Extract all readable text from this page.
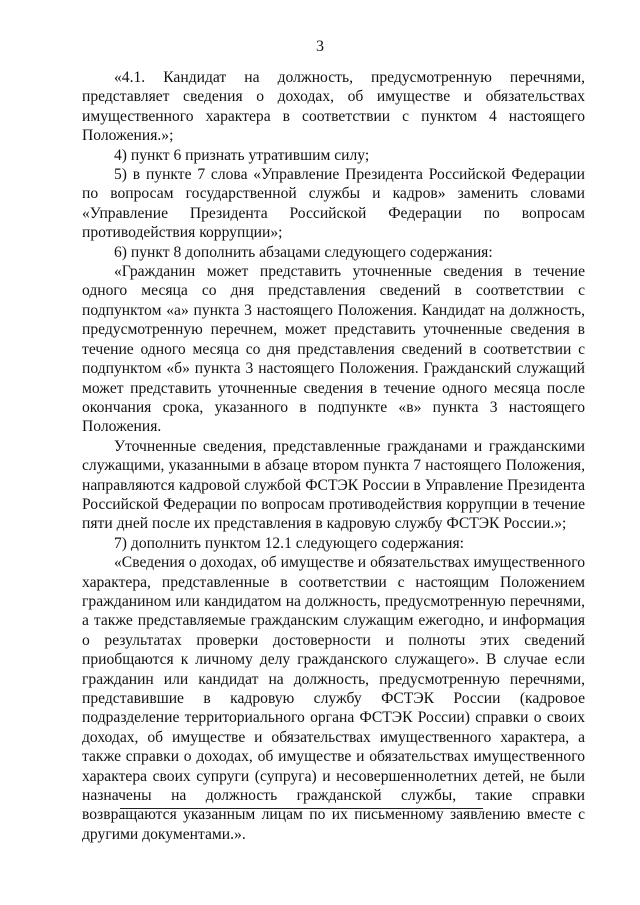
3

«4.1. Кандидат на должность, предусмотренную перечнями, представляет сведения о доходах, об имуществе и обязательствах имущественного характера в соответствии с пунктом 4 настоящего Положения.»;

4) пункт 6 признать утратившим силу;

5) в пункте 7 слова «Управление Президента Российской Федерации по вопросам государственной службы и кадров» заменить словами «Управление Президента Российской Федерации по вопросам противодействия коррупции»;

6) пункт 8 дополнить абзацами следующего содержания:

«Гражданин может представить уточненные сведения в течение одного месяца со дня представления сведений в соответствии с подпунктом «а» пункта 3 настоящего Положения. Кандидат на должность, предусмотренную перечнем, может представить уточненные сведения в течение одного месяца со дня представления сведений в соответствии с подпунктом «б» пункта 3 настоящего Положения. Гражданский служащий может представить уточненные сведения в течение одного месяца после окончания срока, указанного в подпункте «в» пункта 3 настоящего Положения.

Уточненные сведения, представленные гражданами и гражданскими служащими, указанными в абзаце втором пункта 7 настоящего Положения, направляются кадровой службой ФСТЭК России в Управление Президента Российской Федерации по вопросам противодействия коррупции в течение пяти дней после их представления в кадровую службу ФСТЭК России.»;

7) дополнить пунктом 12.1 следующего содержания:

«Сведения о доходах, об имуществе и обязательствах имущественного характера, представленные в соответствии с настоящим Положением гражданином или кандидатом на должность, предусмотренную перечнями, а также представляемые гражданским служащим ежегодно, и информация о результатах проверки достоверности и полноты этих сведений приобщаются к личному делу гражданского служащего». В случае если гражданин или кандидат на должность, предусмотренную перечнями, представившие в кадровую службу ФСТЭК России (кадровое подразделение территориального органа ФСТЭК России) справки о своих доходах, об имуществе и обязательствах имущественного характера, а также справки о доходах, об имуществе и обязательствах имущественного характера своих супруги (супруга) и несовершеннолетних детей, не были назначены на должность гражданской службы, такие справки возвращаются указанным лицам по их письменному заявлению вместе с другими документами.».
